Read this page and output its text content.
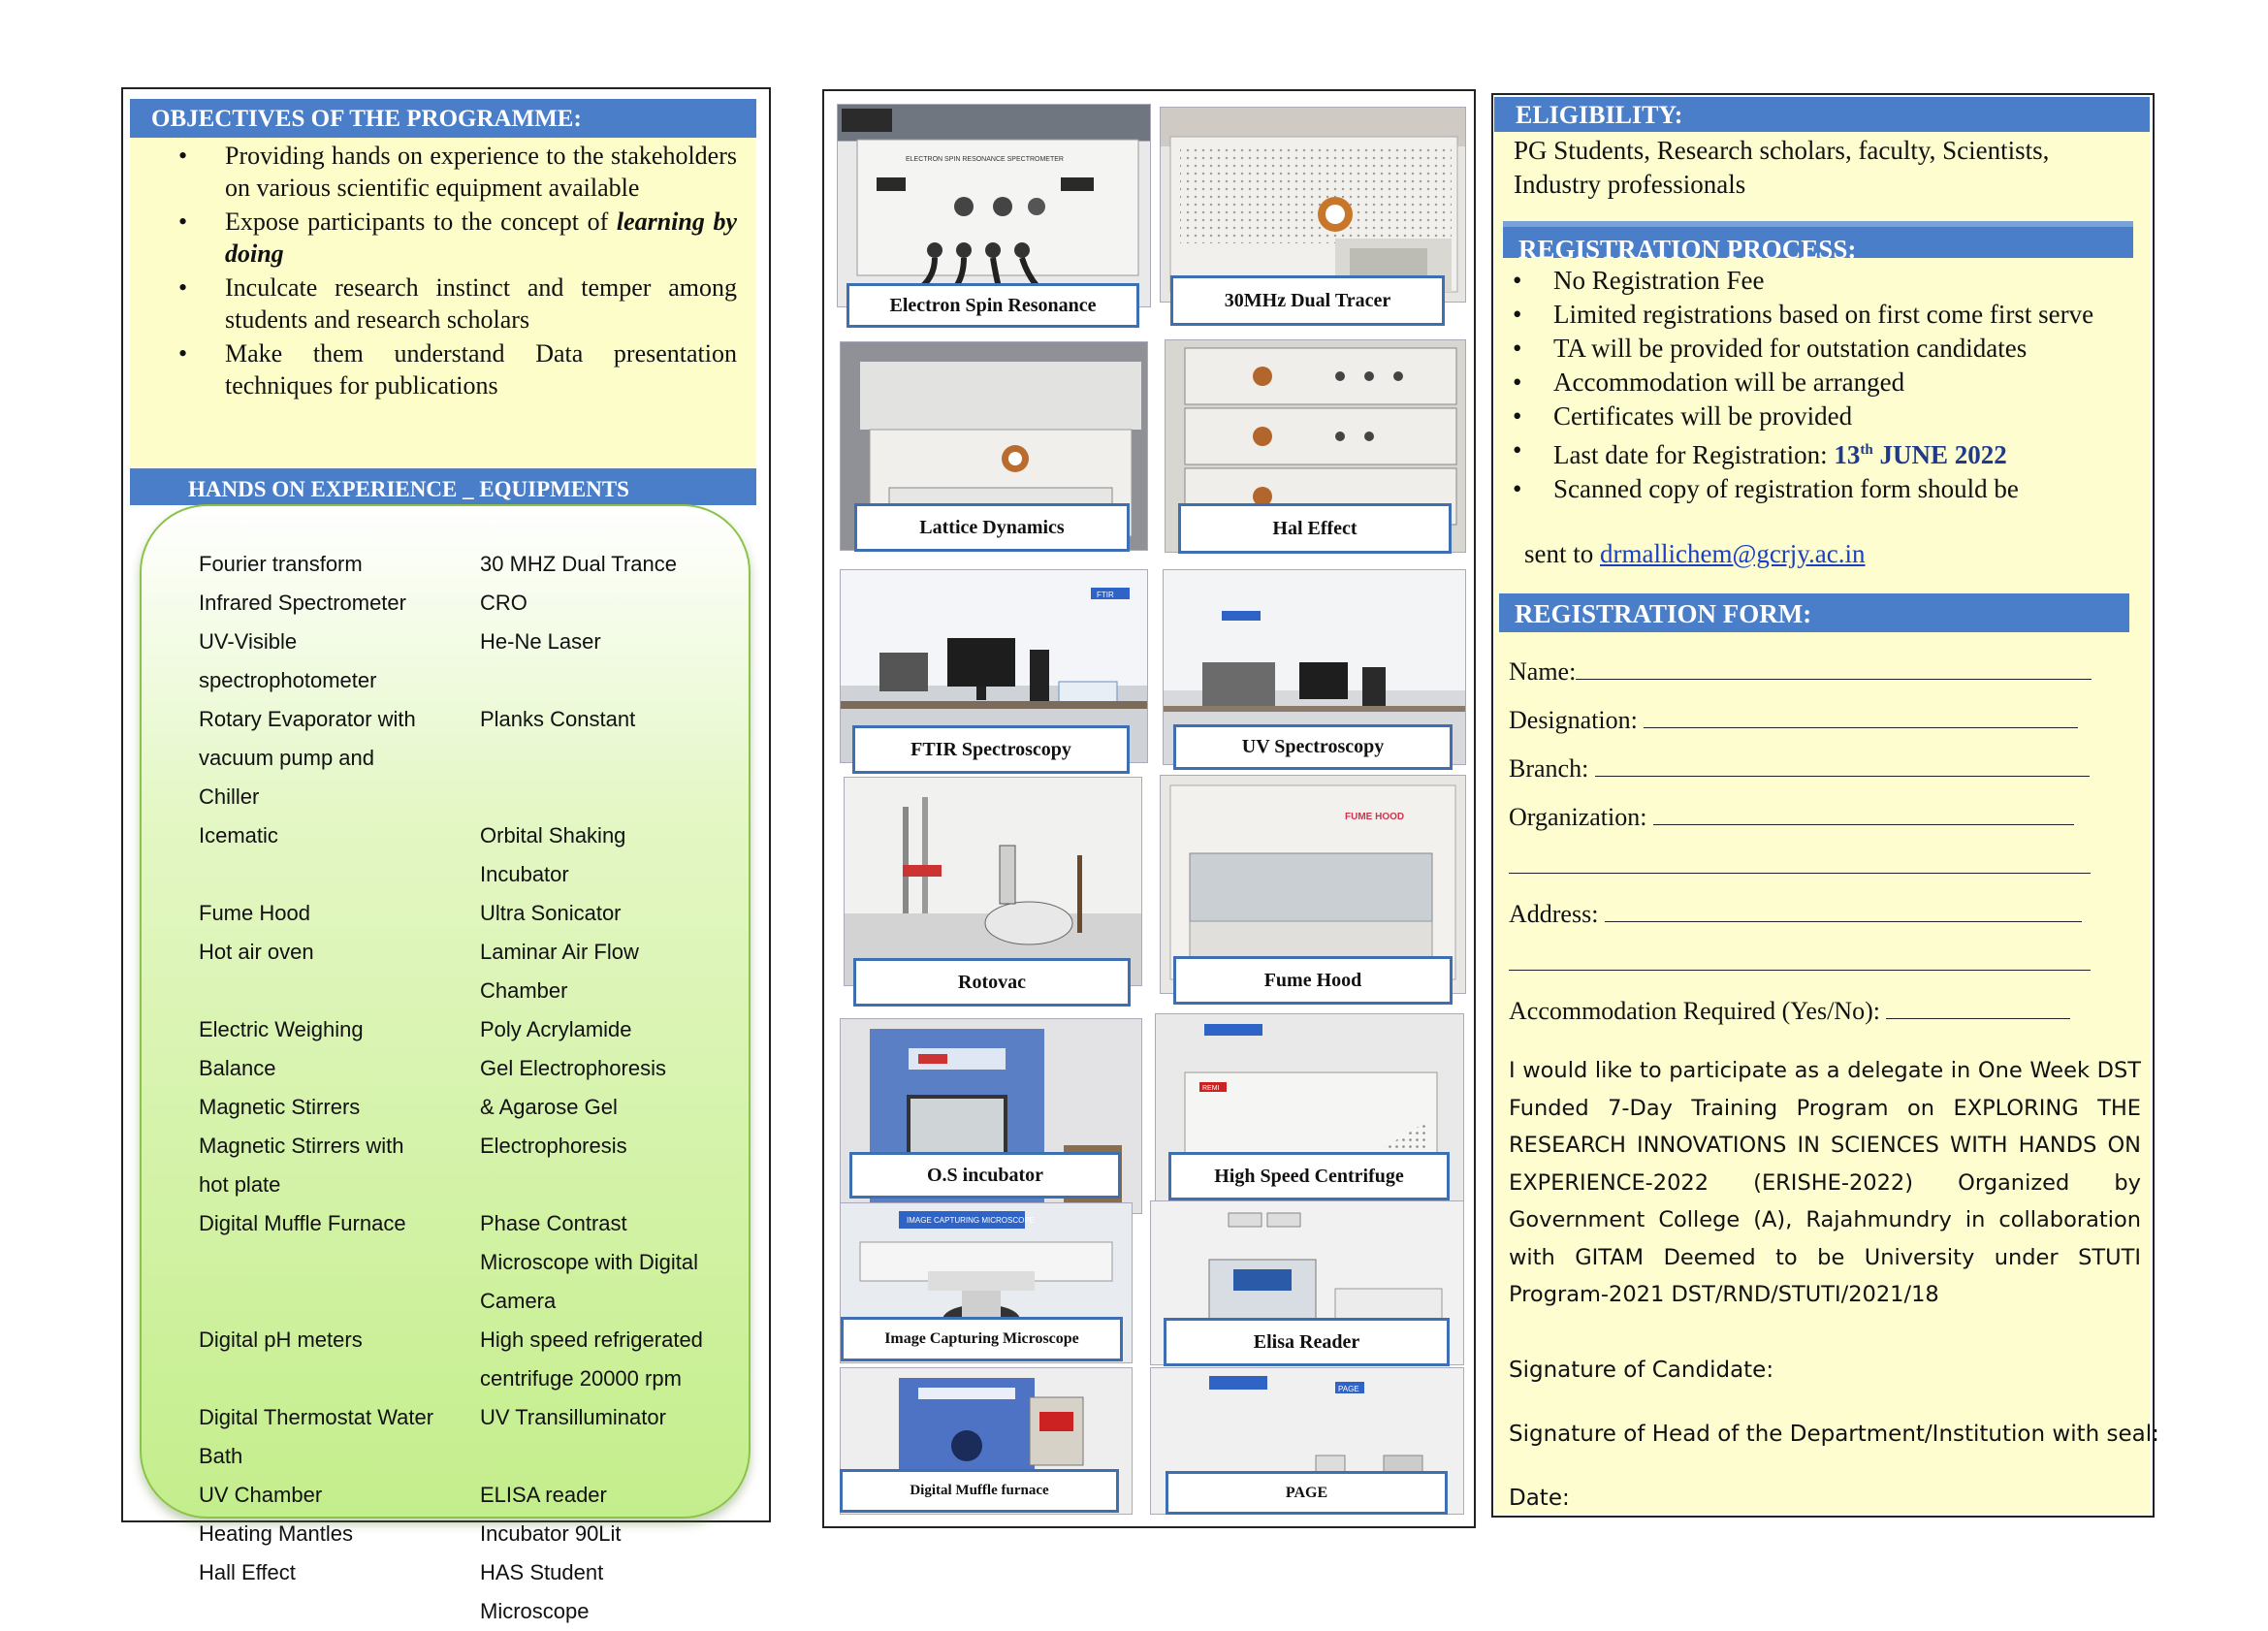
OBJECTIVES OF THE PROGRAMME:
• Providing hands on experience to the stakeholders on various scientific equipment available
• Expose participants to the concept of learning by doing
• Inculcate research instinct and temper among students and research scholars
• Make them understand Data presentation techniques for publications
HANDS ON EXPERIENCE _ EQUIPMENTS
Fourier transform	30 MHZ Dual Trance
Infrared Spectrometer	CRO
UV-Visible	He-Ne Laser
spectrophotometer
Rotary Evaporator with	Planks Constant
vacuum pump and
Chiller
Icematic	Orbital Shaking
Incubator
Fume Hood	Ultra Sonicator
Hot air oven	Laminar Air Flow
Chamber
Electric Weighing	Poly Acrylamide
Balance	Gel Electrophoresis
Magnetic Stirrers	& Agarose Gel
Magnetic Stirrers with	Electrophoresis
hot plate
Digital Muffle Furnace	Phase Contrast
Microscope with Digital
Camera
Digital pH meters	High speed refrigerated
centrifuge 20000 rpm
Digital Thermostat Water	UV Transilluminator
Bath
UV Chamber	ELISA reader
Heating Mantles	Incubator 90Lit
Hall Effect	HAS Student
Microscope
ELECTRON SPIN RESONANCE SPECTROMETER
Electron Spin Resonance	30MHz Dual Tracer
Lattice Dynamics	Hal Effect
FTIR
FTIR Spectroscopy	UV Spectroscopy
Rotovac
FUME HOOD
Fume Hood
O.S incubator
REMI
High Speed Centrifuge
IMAGE CAPTURING MICROSCOPE
Image Capturing Microscope	Elisa Reader
Digital Muffle furnace
PAGE
PAGE
ELIGIBILITY:
PG Students, Research scholars, faculty, Scientists, Industry professionals
REGISTRATION PROCESS:
• No Registration Fee
• Limited registrations based on first come first serve
• TA will be provided for outstation candidates
• Accommodation will be arranged
• Certificates will be provided
• Last date for Registration: 13th JUNE 2022
• Scanned copy of registration form should be
sent to drmallichem@gcrjy.ac.in
REGISTRATION FORM:
Name:
Designation:
Branch:
Organization:
Address:
Accommodation Required (Yes/No):
I would like to participate as a delegate in One Week DST Funded 7-Day Training Program on EXPLORING THE RESEARCH INNOVATIONS IN SCIENCES WITH HANDS ON EXPERIENCE-2022 (ERISHE-2022) Organized by Government College (A), Rajahmundry in collaboration with GITAM Deemed to be University under STUTI Program-2021 DST/RND/STUTI/2021/18
Signature of Candidate:
Signature of Head of the Department/Institution with seal:
Date:
